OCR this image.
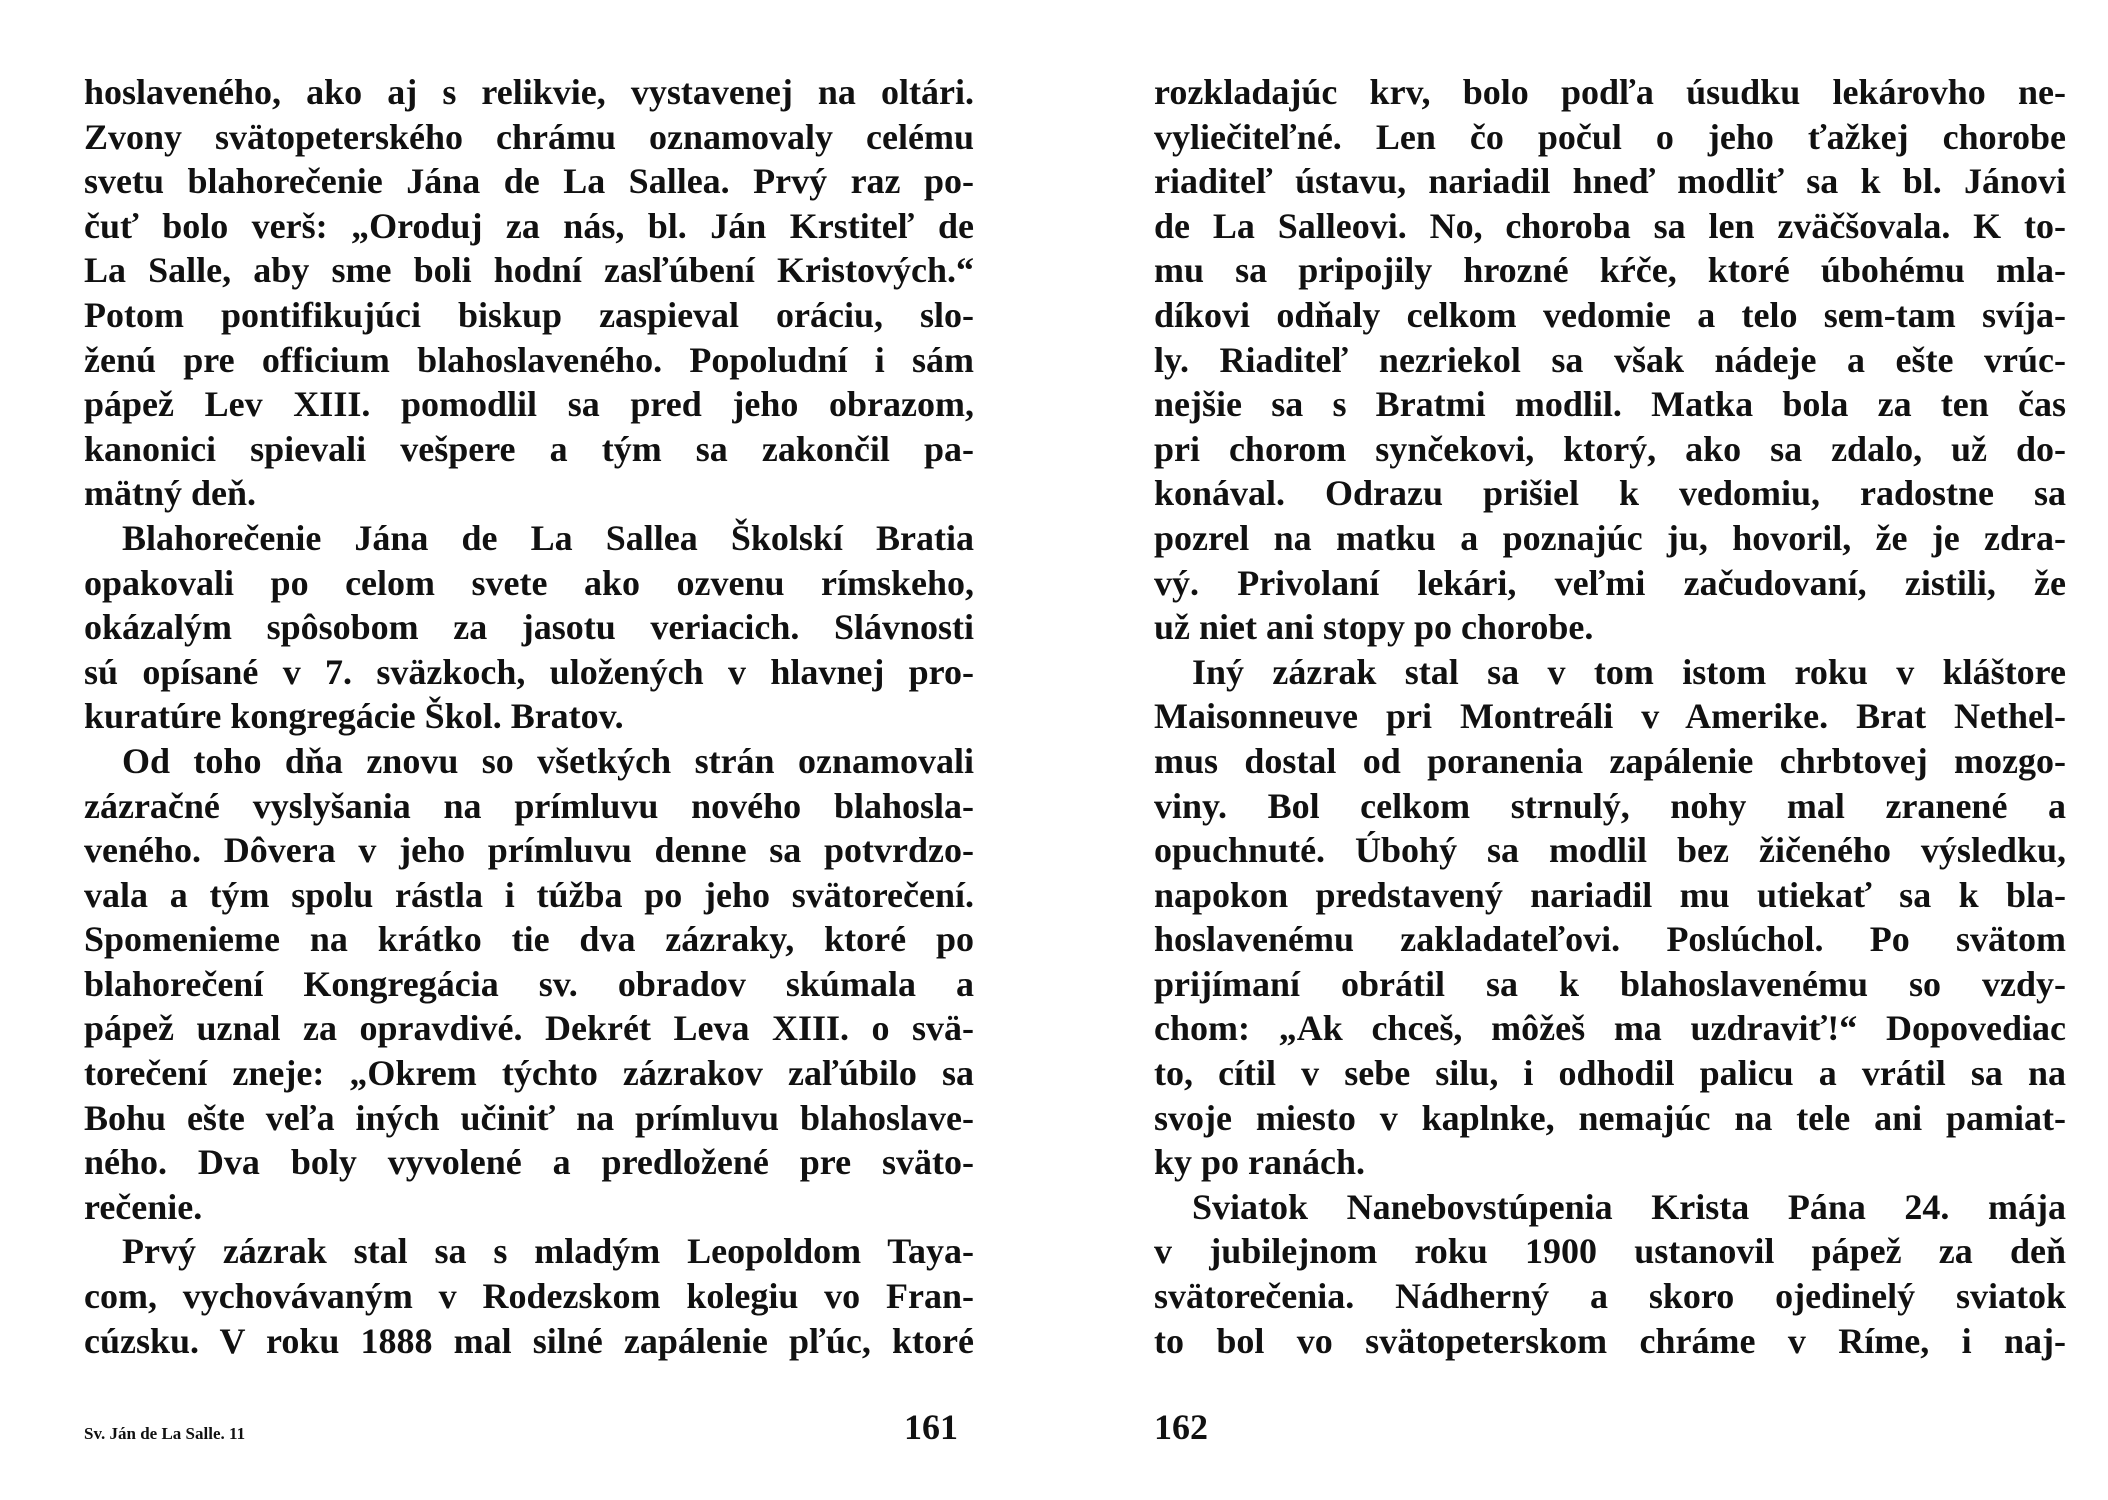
hoslaveného, ako aj s relikvie, vystavenej na oltári.
Zvony svätopeterského chrámu oznamovaly celému
svetu blahorečenie Jána de La Sallea. Prvý raz po-
čuť bolo verš: „Oroduj za nás, bl. Ján Krstiteľ de
La Salle, aby sme boli hodní zasľúbení Kristových.“
Potom pontifikujúci biskup zaspieval oráciu, slo-
ženú pre officium blahoslaveného. Popoludní i sám
pápež Lev XIII. pomodlil sa pred jeho obrazom,
kanonici spievali vešpere a tým sa zakončil pa-
mätný deň.
Blahorečenie Jána de La Sallea Školskí Bratia
opakovali po celom svete ako ozvenu rímskeho,
okázalým spôsobom za jasotu veriacich. Slávnosti
sú opísané v 7. sväzkoch, uložených v hlavnej pro-
kuratúre kongregácie Škol. Bratov.
Od toho dňa znovu so všetkých strán oznamovali
zázračné vyslyšania na prímluvu nového blahosla-
veného. Dôvera v jeho prímluvu denne sa potvrdzo-
vala a tým spolu rástla i túžba po jeho svätorečení.
Spomenieme na krátko tie dva zázraky, ktoré po
blahorečení Kongregácia sv. obradov skúmala a
pápež uznal za opravdivé. Dekrét Leva XIII. o svä-
torečení zneje: „Okrem týchto zázrakov zaľúbilo sa
Bohu ešte veľa iných učiniť na prímluvu blahoslave-
ného. Dva boly vyvolené a predložené pre sväto-
rečenie.
Prvý zázrak stal sa s mladým Leopoldom Taya-
com, vychovávaným v Rodezskom kolegiu vo Fran-
cúzsku. V roku 1888 mal silné zapálenie pľúc, ktoré
Sv. Ján de La Salle. 11	161
rozkladajúc krv, bolo podľa úsudku lekárovho ne-
vyliečiteľné. Len čo počul o jeho ťažkej chorobe
riaditeľ ústavu, nariadil hneď modliť sa k bl. Jánovi
de La Salleovi. No, choroba sa len zväčšovala. K to-
mu sa pripojily hrozné kŕče, ktoré úbohému mla-
díkovi odňaly celkom vedomie a telo sem-tam svíja-
ly. Riaditeľ nezriekol sa však nádeje a ešte vrúc-
nejšie sa s Bratmi modlil. Matka bola za ten čas
pri chorom synčekovi, ktorý, ako sa zdalo, už do-
konával. Odrazu prišiel k vedomiu, radostne sa
pozrel na matku a poznajúc ju, hovoril, že je zdra-
vý. Privolaní lekári, veľmi začudovaní, zistili, že
už niet ani stopy po chorobe.
Iný zázrak stal sa v tom istom roku v kláštore
Maisonneuve pri Montreáli v Amerike. Brat Nethel-
mus dostal od poranenia zapálenie chrbtovej mozgo-
viny. Bol celkom strnulý, nohy mal zranené a
opuchnuté. Úbohý sa modlil bez žičeného výsledku,
napokon predstavený nariadil mu utiekať sa k bla-
hoslavenému zakladateľovi. Poslúchol. Po svätom
prijímaní obrátil sa k blahoslavenému so vzdy-
chom: „Ak chceš, môžeš ma uzdraviť!“ Dopovediac
to, cítil v sebe silu, i odhodil palicu a vrátil sa na
svoje miesto v kaplnke, nemajúc na tele ani pamiat-
ky po ranách.
Sviatok Nanebovstúpenia Krista Pána 24. mája
v jubilejnom roku 1900 ustanovil pápež za deň
svätorečenia. Nádherný a skoro ojedinelý sviatok
to bol vo svätopeterskom chráme v Ríme, i naj-
162
